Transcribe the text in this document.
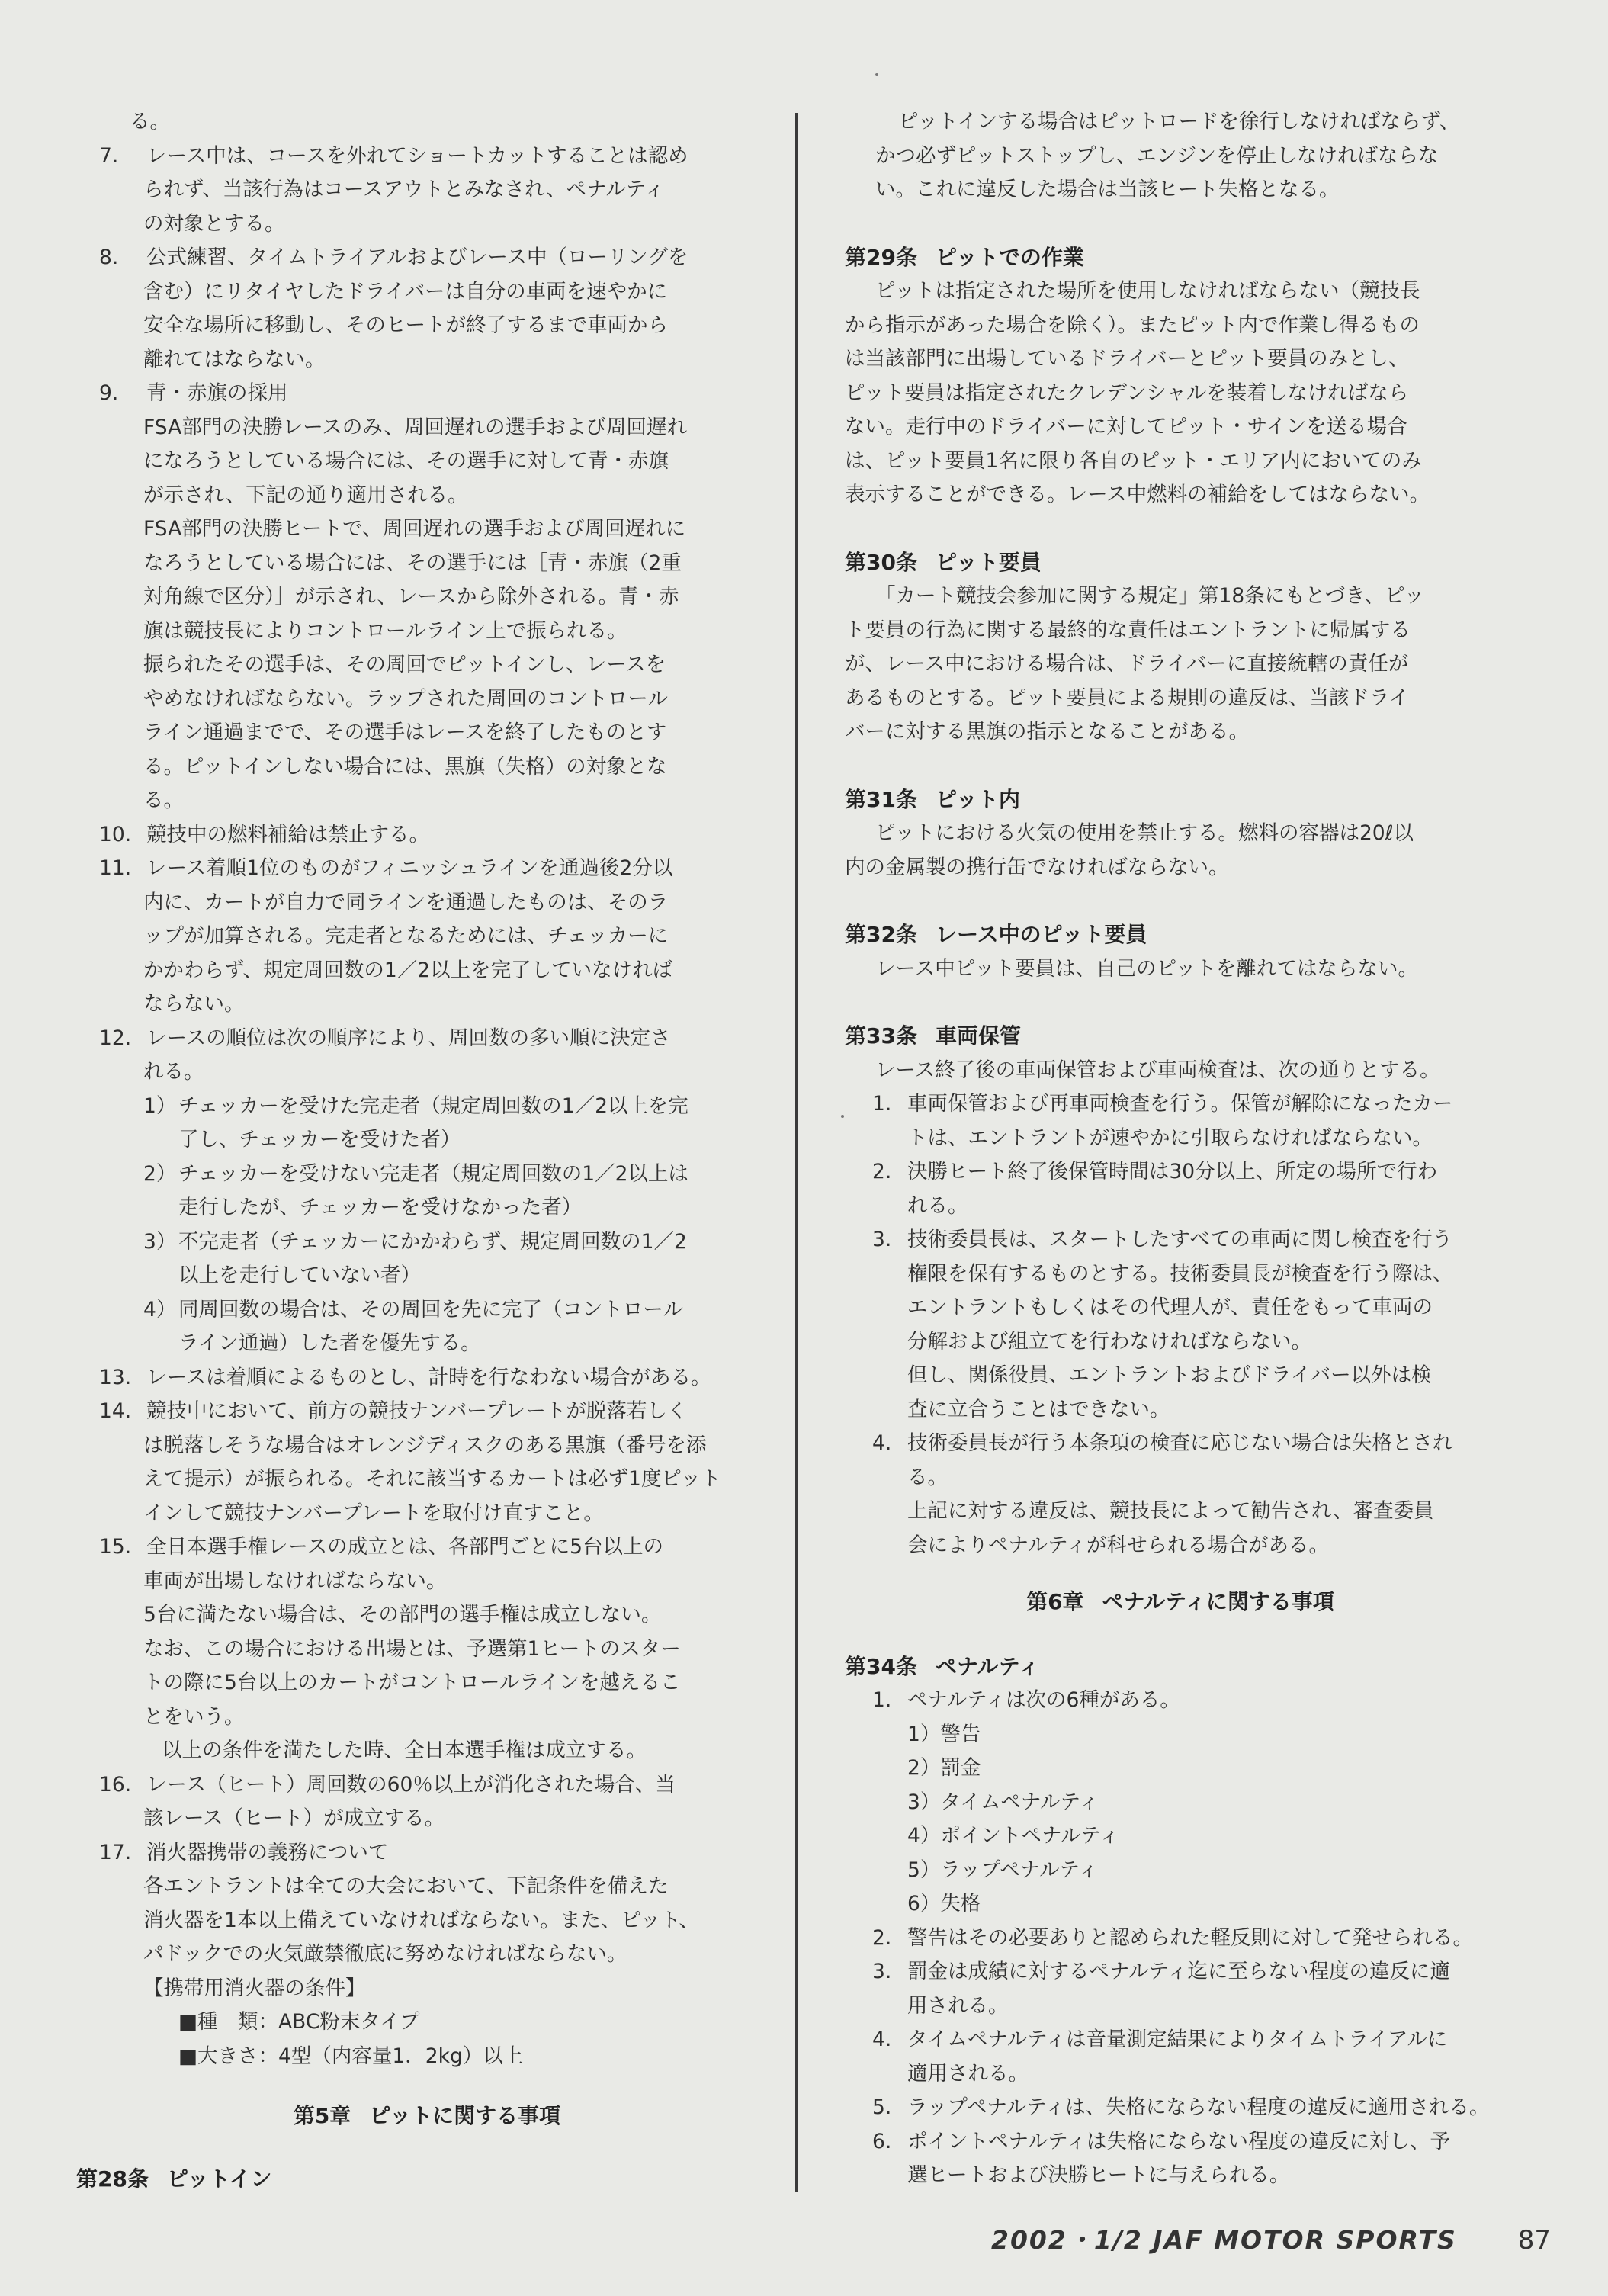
る。
7. レース中は、コースを外れてショートカットすることは認め
られず、当該行為はコースアウトとみなされ、ペナルティ
の対象とする。
8. 公式練習、タイムトライアルおよびレース中（ローリングを
含む）にリタイヤしたドライバーは自分の車両を速やかに
安全な場所に移動し、そのヒートが終了するまで車両から
離れてはならない。
9. 青・赤旗の採用
FSA部門の決勝レースのみ、周回遅れの選手および周回遅れ
になろうとしている場合には、その選手に対して青・赤旗
が示され、下記の通り適用される。
FSA部門の決勝ヒートで、周回遅れの選手および周回遅れに
なろうとしている場合には、その選手には［青・赤旗（2重
対角線で区分）］が示され、レースから除外される。青・赤
旗は競技長によりコントロールライン上で振られる。
振られたその選手は、その周回でピットインし、レースを
やめなければならない。ラップされた周回のコントロール
ライン通過までで、その選手はレースを終了したものとす
る。ピットインしない場合には、黒旗（失格）の対象とな
る。
10. 競技中の燃料補給は禁止する。
11. レース着順1位のものがフィニッシュラインを通過後2分以
内に、カートが自力で同ラインを通過したものは、そのラ
ップが加算される。完走者となるためには、チェッカーに
かかわらず、規定周回数の1／2以上を完了していなければ
ならない。
12. レースの順位は次の順序により、周回数の多い順に決定さ
れる。
1）チェッカーを受けた完走者（規定周回数の1／2以上を完
了し、チェッカーを受けた者）
2）チェッカーを受けない完走者（規定周回数の1／2以上は
走行したが、チェッカーを受けなかった者）
3）不完走者（チェッカーにかかわらず、規定周回数の1／2
以上を走行していない者）
4）同周回数の場合は、その周回を先に完了（コントロール
ライン通過）した者を優先する。
13. レースは着順によるものとし、計時を行なわない場合がある。
14. 競技中において、前方の競技ナンバープレートが脱落若しく
は脱落しそうな場合はオレンジディスクのある黒旗（番号を添
えて提示）が振られる。それに該当するカートは必ず1度ピット
インして競技ナンバープレートを取付け直すこと。
15. 全日本選手権レースの成立とは、各部門ごとに5台以上の
車両が出場しなければならない。
5台に満たない場合は、その部門の選手権は成立しない。
なお、この場合における出場とは、予選第1ヒートのスター
トの際に5台以上のカートがコントロールラインを越えるこ
とをいう。
以上の条件を満たした時、全日本選手権は成立する。
16. レース（ヒート）周回数の60％以上が消化された場合、当
該レース（ヒート）が成立する。
17. 消火器携帯の義務について
各エントラントは全ての大会において、下記条件を備えた
消火器を1本以上備えていなければならない。また、ピット、
パドックでの火気厳禁徹底に努めなければならない。
【携帯用消火器の条件】
■種　類：ABC粉末タイプ
■大きさ：4型（内容量1．2kg）以上
第5章 ピットに関する事項
第28条 ピットイン
ピットインする場合はピットロードを徐行しなければならず、
かつ必ずピットストップし、エンジンを停止しなければならな
い。これに違反した場合は当該ヒート失格となる。
第29条 ピットでの作業
ピットは指定された場所を使用しなければならない（競技長
から指示があった場合を除く）。またピット内で作業し得るもの
は当該部門に出場しているドライバーとピット要員のみとし、
ピット要員は指定されたクレデンシャルを装着しなければなら
ない。走行中のドライバーに対してピット・サインを送る場合
は、ピット要員1名に限り各自のピット・エリア内においてのみ
表示することができる。レース中燃料の補給をしてはならない。
第30条 ピット要員
「カート競技会参加に関する規定」第18条にもとづき、ピッ
ト要員の行為に関する最終的な責任はエントラントに帰属する
が、レース中における場合は、ドライバーに直接統轄の責任が
あるものとする。ピット要員による規則の違反は、当該ドライ
バーに対する黒旗の指示となることがある。
第31条 ピット内
ピットにおける火気の使用を禁止する。燃料の容器は20ℓ以
内の金属製の携行缶でなければならない。
第32条 レース中のピット要員
レース中ピット要員は、自己のピットを離れてはならない。
第33条 車両保管
レース終了後の車両保管および車両検査は、次の通りとする。
1. 車両保管および再車両検査を行う。保管が解除になったカー
トは、エントラントが速やかに引取らなければならない。
2. 決勝ヒート終了後保管時間は30分以上、所定の場所で行わ
れる。
3. 技術委員長は、スタートしたすべての車両に関し検査を行う
権限を保有するものとする。技術委員長が検査を行う際は、
エントラントもしくはその代理人が、責任をもって車両の
分解および組立てを行わなければならない。
但し、関係役員、エントラントおよびドライバー以外は検
査に立合うことはできない。
4. 技術委員長が行う本条項の検査に応じない場合は失格とされ
る。
上記に対する違反は、競技長によって勧告され、審査委員
会によりペナルティが科せられる場合がある。
第6章 ペナルティに関する事項
第34条 ペナルティ
1. ペナルティは次の6種がある。
1）警告
2）罰金
3）タイムペナルティ
4）ポイントペナルティ
5）ラップペナルティ
6）失格
2. 警告はその必要ありと認められた軽反則に対して発せられる。
3. 罰金は成績に対するペナルティ迄に至らない程度の違反に適
用される。
4. タイムペナルティは音量測定結果によりタイムトライアルに
適用される。
5. ラップペナルティは、失格にならない程度の違反に適用される。
6. ポイントペナルティは失格にならない程度の違反に対し、予
選ヒートおよび決勝ヒートに与えられる。
2002・1/2 JAF MOTOR SPORTS 87
